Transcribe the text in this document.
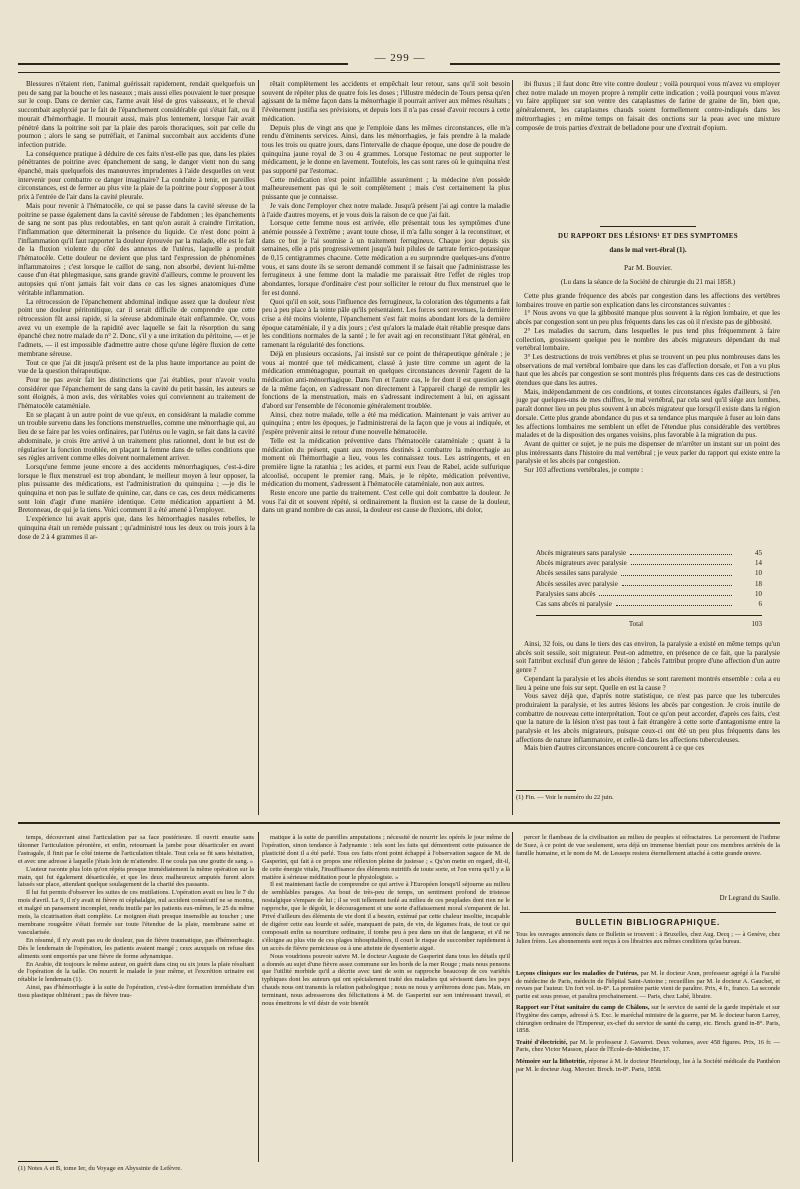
— 299 —

Blessures n'étaient rien, l'animal guérissait rapidement, rendait quelquefois un peu de sang par la bouche et les naseaux ; mais aussi elles pouvaient le tuer presque sur le coup. Dans ce dernier cas, l'arme avait lésé de gros vaisseaux, et le cheval succombait asphyxié par le fait de l'épanchement considérable qui s'était fait, ou il mourait d'hémorrhagie. Il mourait aussi, mais plus lentement, lorsque l'air avait pénétré dans la poitrine soit par la plaie des parois thoraciques, soit par celle du poumon ; alors le sang se putréfiait, et l'animal succombait aux accidents d'une infection putride.

La conséquence pratique à déduire de ces faits n'est-elle pas que, dans les plaies pénétrantes de poitrine avec épanchement de sang, le danger vient non du sang épanché, mais quelquefois des manœuvres imprudentes à l'aide desquelles on veut intervenir pour combattre ce danger imaginaire? La conduite à tenir, en pareilles circonstances, est de fermer au plus vite la plaie de la poitrine pour s'opposer à tout prix à l'entrée de l'air dans la cavité pleurale.

Mais pour revenir à l'hématocèle, ce qui se passe dans la cavité séreuse de la poitrine se passe également dans la cavité séreuse de l'abdomen ; les épanchements de sang ne sont pas plus redoutables, en tant qu'on aurait à craindre l'irritation, l'inflammation que déterminerait la présence du liquide. Ce n'est donc point à l'inflammation qu'il faut rapporter la douleur éprouvée par la malade, elle est le fait de la fluxion violente du côté des annexes de l'utérus, laquelle a produit l'hématocèle. Cette douleur ne devient que plus tard l'expression de phénomènes inflammatoires ; c'est lorsque le caillot de sang, non absorbé, devient lui-même cause d'un état phlegmasique, sans grande gravité d'ailleurs, comme le prouvent les autopsies qui n'ont jamais fait voir dans ce cas les signes anatomiques d'une véritable inflammation.

La rétrocession de l'épanchement abdominal indique assez que la douleur n'est point une douleur péritonitique, car il serait difficile de comprendre que cette rétrocession fût aussi rapide, si la séreuse abdominale était enflammée. Or, vous avez vu un exemple de la rapidité avec laquelle se fait la résorption du sang épanché chez notre malade du n° 2. Donc, s'il y a une irritation du péritoine, — et je l'admets, — il est impossible d'admettre autre chose qu'une légère fluxion de cette membrane séreuse.

Tout ce que j'ai dit jusqu'à présent est de la plus haute importance au point de vue de la question thérapeutique.

Pour ne pas avoir fait les distinctions que j'ai établies, pour n'avoir voulu considérer que l'épanchement de sang dans la cavité du petit bassin, les auteurs se sont éloignés, à mon avis, des véritables voies qui conviennent au traitement de l'hématocèle cataméniale.

En se plaçant à un autre point de vue qu'eux, en considérant la maladie comme un trouble survenu dans les fonctions menstruelles, comme une ménorrhagie qui, au lieu de se faire par les voies ordinaires, par l'utérus ou le vagin, se fait dans la cavité abdominale, je crois être arrivé à un traitement plus rationnel, dont le but est de régulariser la fonction troublée, en plaçant la femme dans de telles conditions que ses règles arrivent comme elles doivent normalement arriver.

Lorsqu'une femme jeune encore a des accidents ménorrhagiques, c'est-à-dire lorsque le flux menstruel est trop abondant, le meilleur moyen à leur opposer, la plus puissante des médications, est l'administration du quinquina ; —je dis le quinquina et non pas le sulfate de quinine, car, dans ce cas, ces deux médicaments sont loin d'agir d'une manière identique. Cette médication appartient à M. Bretonneau, de qui je la tiens. Voici comment il a été amené à l'employer.

L'expérience lui avait appris que, dans les hémorrhagies nasales rebelles, le quinquina était un remède puissant ; qu'administré tous les deux ou trois jours à la dose de 2 à 4 grammes il ar-

rêtait complètement les accidents et empêchait leur retour, sans qu'il soit besoin souvent de répéter plus de quatre fois les doses ; l'illustre médecin de Tours pensa qu'en agissant de la même façon dans la ménorrhagie il pourrait arriver aux mêmes résultats ; l'événement justifia ses prévisions, et depuis lors il n'a pas cessé d'avoir recours à cette médication.

Depuis plus de vingt ans que je l'emploie dans les mêmes circonstances, elle m'a rendu d'éminents services. Ainsi, dans les ménorrhagies, je fais prendre à la malade tous les trois ou quatre jours, dans l'intervalle de chaque époque, une dose de poudre de quinquina jaune royal de 3 ou 4 grammes. Lorsque l'estomac ne peut supporter le médicament, je le donne en lavement. Toutefois, les cas sont rares où le quinquina n'est pas supporté par l'estomac.

Cette médication n'est point infaillible assurément ; la médecine n'en possède malheureusement pas qui le soit complètement ; mais c'est certainement la plus puissante que je connaisse.

Je vais donc l'employer chez notre malade. Jusqu'à présent j'ai agi contre la maladie à l'aide d'autres moyens, et je vous dois la raison de ce que j'ai fait.

Lorsque cette femme nous est arrivée, elle présentait tous les symptômes d'une anémie poussée à l'extrême ; avant toute chose, il m'a fallu songer à la reconstituer, et dans ce but je l'ai soumise à un traitement ferrugineux. Chaque jour depuis six semaines, elle a pris progressivement jusqu'à huit pilules de tartrate ferrico-potassique de 0,15 centigrammes chacune. Cette médication a eu surprendre quelques-uns d'entre vous, et sans doute ils se seront demandé comment il se faisait que j'administrasse les ferrugineux à une femme dont la maladie me paraissait être l'effet de règles trop abondantes, lorsque d'ordinaire c'est pour solliciter le retour du flux menstruel que le fer est donné.

Quoi qu'il en soit, sous l'influence des ferrugineux, la coloration des téguments a fait peu à peu place à la teinte pâle qu'ils présentaient. Les forces sont revenues, la dernière crise a été moins violente, l'épanchement s'est fait moins abondant lors de la dernière époque cataméniale, il y a dix jours ; c'est qu'alors la malade était rétablie presque dans les conditions normales de la santé ; le fer avait agi en reconstituant l'état général, en ramenant la régularité des fonctions.

Déjà en plusieurs occasions, j'ai insisté sur ce point de thérapeutique générale ; je vous ai montré que tel médicament, classé à juste titre comme un agent de la médication emménagogue, pourrait en quelques circonstances devenir l'agent de la médication anti-ménorrhagique. Dans l'un et l'autre cas, le fer dont il est question agit de la même façon, en s'adressant non directement à l'appareil chargé de remplir les fonctions de la menstruation, mais en s'adressant indirectement à lui, en agissant d'abord sur l'ensemble de l'économie généralement troublée.

Ainsi, chez notre malade, telle a été ma médication. Maintenant je vais arriver au quinquina ; entre les époques, je l'administrerai de la façon que je vous ai indiquée, et j'espère prévenir ainsi le retour d'une nouvelle hématocèle.

Telle est la médication préventive dans l'hématocèle cataméniale ; quant à la médication du présent, quant aux moyens destinés à combattre la ménorrhagie au moment où l'hémorrhagie a lieu, vous les connaissez tous. Les astringents, et en première ligne la ratanhia ; les acides, et parmi eux l'eau de Rabel, acide sulfurique alcoolisé, occupent le premier rang. Mais, je le répète, médication préventive, médication du moment, s'adressent à l'hématocèle cataméniale, non aux autres.

Reste encore une partie du traitement. C'est celle qui doit combattre la douleur. Je vous l'ai dit et souvent répété, si ordinairement la fluxion est la cause de la douleur, dans un grand nombre de cas aussi, la douleur est cause de fluxions, ubi dolor,

ibi fluxus ; il faut donc être vite contre douleur ; voilà pourquoi vous m'avez vu employer chez notre malade un moyen propre à remplir cette indication ; voilà pourquoi vous m'avez vu faire appliquer sur son ventre des cataplasmes de farine de graine de lin, bien que, généralement, les cataplasmes chauds soient formellement contre-indiqués dans les métrorrhagies ; en même temps on faisait des onctions sur la peau avec une mixture composée de trois parties d'extrait de belladone pour une d'extrait d'opium.

DU RAPPORT DES LÉSIONS¹ ET DES SYMPTOMES
dans le mal vert-ébral (1).
Par M. Bouvier.
(Lu dans la séance de la Société de chirurgie du 21 mai 1858.)

Cette plus grande fréquence des abcès par congestion dans les affections des vertèbres lombaires trouve en partie son explication dans les circonstances suivantes :

1° Nous avons vu que la gibbosité manque plus souvent à la région lombaire, et que les abcès par congestion sont un peu plus fréquents dans les cas où il n'existe pas de gibbosité.

2° Les maladies du sacrum, dans lesquelles le pus tend plus fréquemment à faire collection, grossissent quelque peu le nombre des abcès migrateurs dépendant du mal vertébral lombaire.

3° Les destructions de trois vertèbres et plus se trouvent un peu plus nombreuses dans les observations de mal vertébral lombaire que dans les cas d'affection dorsale, et l'on a vu plus haut que les abcès par congestion se sont montrés plus fréquents dans ces cas de destructions étendues que dans les autres.

Mais, indépendamment de ces conditions, et toutes circonstances égales d'ailleurs, si j'en juge par quelques-uns de mes chiffres, le mal vertébral, par cela seul qu'il siège aux lombes, paraît donner lieu un peu plus souvent à un abcès migrateur que lorsqu'il existe dans la région dorsale. Cette plus grande abondance du pus et sa tendance plus marquée à fuser au loin dans les affections lombaires me semblent un effet de l'étendue plus considérable des vertèbres malades et de la disposition des organes voisins, plus favorable à la migration du pus.

Avant de quitter ce sujet, je ne puis me dispenser de m'arrêter un instant sur un point des plus intéressants dans l'histoire du mal vertébral ; je veux parler du rapport qui existe entre la paralysie et les abcès par congestion.

Sur 103 affections vertébrales, je compte :

Abcès migrateurs sans paralysie	45
Abcès migrateurs avec paralysie	14
Abcès sessiles sans paralysie	10
Abcès sessiles avec paralysie	18
Paralysies sans abcès	10
Cas sans abcès ni paralysie	6
Total	103

Ainsi, 32 fois, ou dans le tiers des cas environ, la paralysie a existé en même temps qu'un abcès soit sessile, soit migrateur. Peut-on admettre, en présence de ce fait, que la paralysie soit l'attribut exclusif d'un genre de lésion ; l'abcès l'attribut propre d'une affection d'un autre genre ?

Cependant la paralysie et les abcès étendus se sont rarement montrés ensemble : cela a eu lieu à peine une fois sur sept. Quelle en est la cause ?

Vous savez déjà que, d'après notre statistique, ce n'est pas parce que les tubercules produiraient la paralysie, et les autres lésions les abcès par congestion. Je crois inutile de combattre de nouveau cette interprétation. Tout ce qu'on peut accorder, d'après ces faits, c'est que la nature de la lésion n'est pas tout à fait étrangère à cette sorte d'antagonisme entre la paralysie et les abcès migrateurs, puisque ceux-ci ont été un peu plus fréquents dans les affections de nature inflammatoire, et celle-là dans les affections tuberculeuses.

Mais bien d'autres circonstances encore concourent à ce que ces

(1) Fin. — Voir le numéro du 22 juin.

temps, découvrant ainsi l'articulation par sa face postérieure. Il ouvrit ensuite sans tâtonner l'articulation péronière, et enfin, retournant la jambe pour désarticuler en avant l'astragale, il finit par le côté interne de l'articulation tibiale. Tout cela se fit sans hésitation, et avec une adresse à laquelle j'étais loin de m'attendre. Il ne coula pas une goutte de sang. »

L'auteur raconte plus loin qu'on répéta presque immédiatement la même opération sur la main, qui fut également désarticulée, et que les deux malheureux amputés furent alors laissés sur place, attendant quelque soulagement de la charité des passants.

Il lui fut permis d'observer les suites de ces mutilations. L'opération avait eu lieu le 7 du mois d'avril. Le 9, il n'y avait ni fièvre ni céphalalgie, nul accident consécutif ne se montra, et malgré un pansement incomplet, rendu inutile par les patients eux-mêmes, le 25 du même mois, la cicatrisation était complète. Le moignon était presque insensible au toucher ; une membrane rougeâtre s'était formée sur toute l'étendue de la plaie, membrane saine et vascularisée.

En résumé, il n'y avait pas eu de douleur, pas de fièvre traumatique, pas d'hémorrhagie. Dès le lendemain de l'opération, les patients avaient mangé ; ceux auxquels on refuse des aliments sont emportés par une fièvre de forme adynamique.

En Arabie, dit toujours le même auteur, on guérit dans cinq ou six jours la plaie résultant de l'opération de la taille. On nourrit le malade le jour même, et l'excrétion urinaire est rétablie le lendemain (1).

Ainsi, pas d'hémorrhagie à la suite de l'opération, c'est-à-dire formation immédiate d'un tissu plastique oblitérant ; pas de fièvre trau-

matique à la suite de pareilles amputations ; nécessité de nourrir les opérés le jour même de l'opération, sinon tendance à l'adynamie : tels sont les faits qui démontrent cette puissance de plasticité dont il a été parlé. Tous ces faits n'ont point échappé à l'observation sagace de M. de Gasperini, qui fait à ce propos une réflexion pleine de justesse ; « Qu'on mette en regard, dit-il, de cette énergie vitale, l'insuffisance des éléments nutritifs de toute sorte, et l'on verra qu'il y a là matière à sérieuse méditation pour le physiologiste. »

Il est maintenant facile de comprendre ce qui arrive à l'Européen lorsqu'il séjourne au milieu de semblables parages. Au bout de très-peu de temps, un sentiment profond de tristesse nostalgique s'empare de lui ; il se voit tellement isolé au milieu de ces peuplades dont rien ne le rapproche, que le dégoût, le découragement et une sorte d'affaissement moral s'emparent de lui. Privé d'ailleurs des éléments de vie dont il a besoin, exténué par cette chaleur insolite, incapable de digérer cette eau lourde et salée, manquant de pain, de vin, de légumes frais, de tout ce qui composait enfin sa nourriture ordinaire, il tombe peu à peu dans un état de langueur, et s'il ne s'éloigne au plus vite de ces plages inhospitalières, il court le risque de succomber rapidement à un accès de fièvre pernicieuse ou à une atteinte de dysenterie aiguë.

Nous voudrions pouvoir suivre M. le docteur Auguste de Gasperini dans tous les détails qu'il a donnés au sujet d'une fièvre assez commune sur les bords de la mer Rouge ; mais nous pensons que l'utilité morbide qu'il a décrite avec tant de soin se rapproche beaucoup de ces variétés typhiques dont les auteurs qui ont spécialement traité des maladies qui sévissent dans les pays chauds nous ont transmis la relation pathologique ; nous ne nous y arrêterons donc pas. Mais, en terminant, nous adresserons des félicitations à M. de Gasperini sur son intéressant travail, et nous émettrons le vif désir de voir bientôt

percer le flambeau de la civilisation au milieu de peuples si réfractaires. Le percement de l'isthme de Suez, à ce point de vue seulement, sera déjà un immense bienfait pour ces membres arriérés de la famille humaine, et le nom de M. de Lesseps restera éternellement attaché à cette grande œuvre.

Dr Legrand du Saulle.
BULLETIN BIBLIOGRAPHIQUE.
Tous les ouvrages annoncés dans ce Bulletin se trouvent : à Bruxelles, chez Aug. Decq ; — à Genève, chez Julien frères. Les abonnements sont reçus à ces librairies aux mêmes conditions qu'au bureau.
Leçons cliniques sur les maladies de l'utérus, par M. le docteur Aran, professeur agrégé à la Faculté de médecine de Paris, médecin de l'hôpital Saint-Antoine ; recueillies par M. le docteur A. Gauchet, et revues par l'auteur. Un fort vol. in-8°. La première partie vient de paraître. Prix, 4 fr., franco. La seconde partie est sous presse, et paraîtra prochainement. — Paris, chez Labé, libraire.
Rapport sur l'état sanitaire du camp de Châlons, sur le service de santé de la garde impériale et sur l'hygiène des camps, adressé à S. Exc. le maréchal ministre de la guerre, par M. le docteur baron Larrey, chirurgien ordinaire de l'Empereur, ex-chef du service de santé du camp, etc. Broch. grand in-8°. Paris, 1858.
Traité d'électricité, par M. le professeur J. Gavarret. Deux volumes, avec 458 figures. Prix, 16 fr. — Paris, chez Victor Masson, place de l'École-de-Médecine, 17.
Mémoire sur la lithotritie, réponse à M. le docteur Heurteloup, lue à la Société médicale du Panthéon par M. le docteur Aug. Mercier. Broch. in-8°. Paris, 1858.
(1) Notes A et B, tome Ier, du Voyage en Abyssinie de Lefèvre.
